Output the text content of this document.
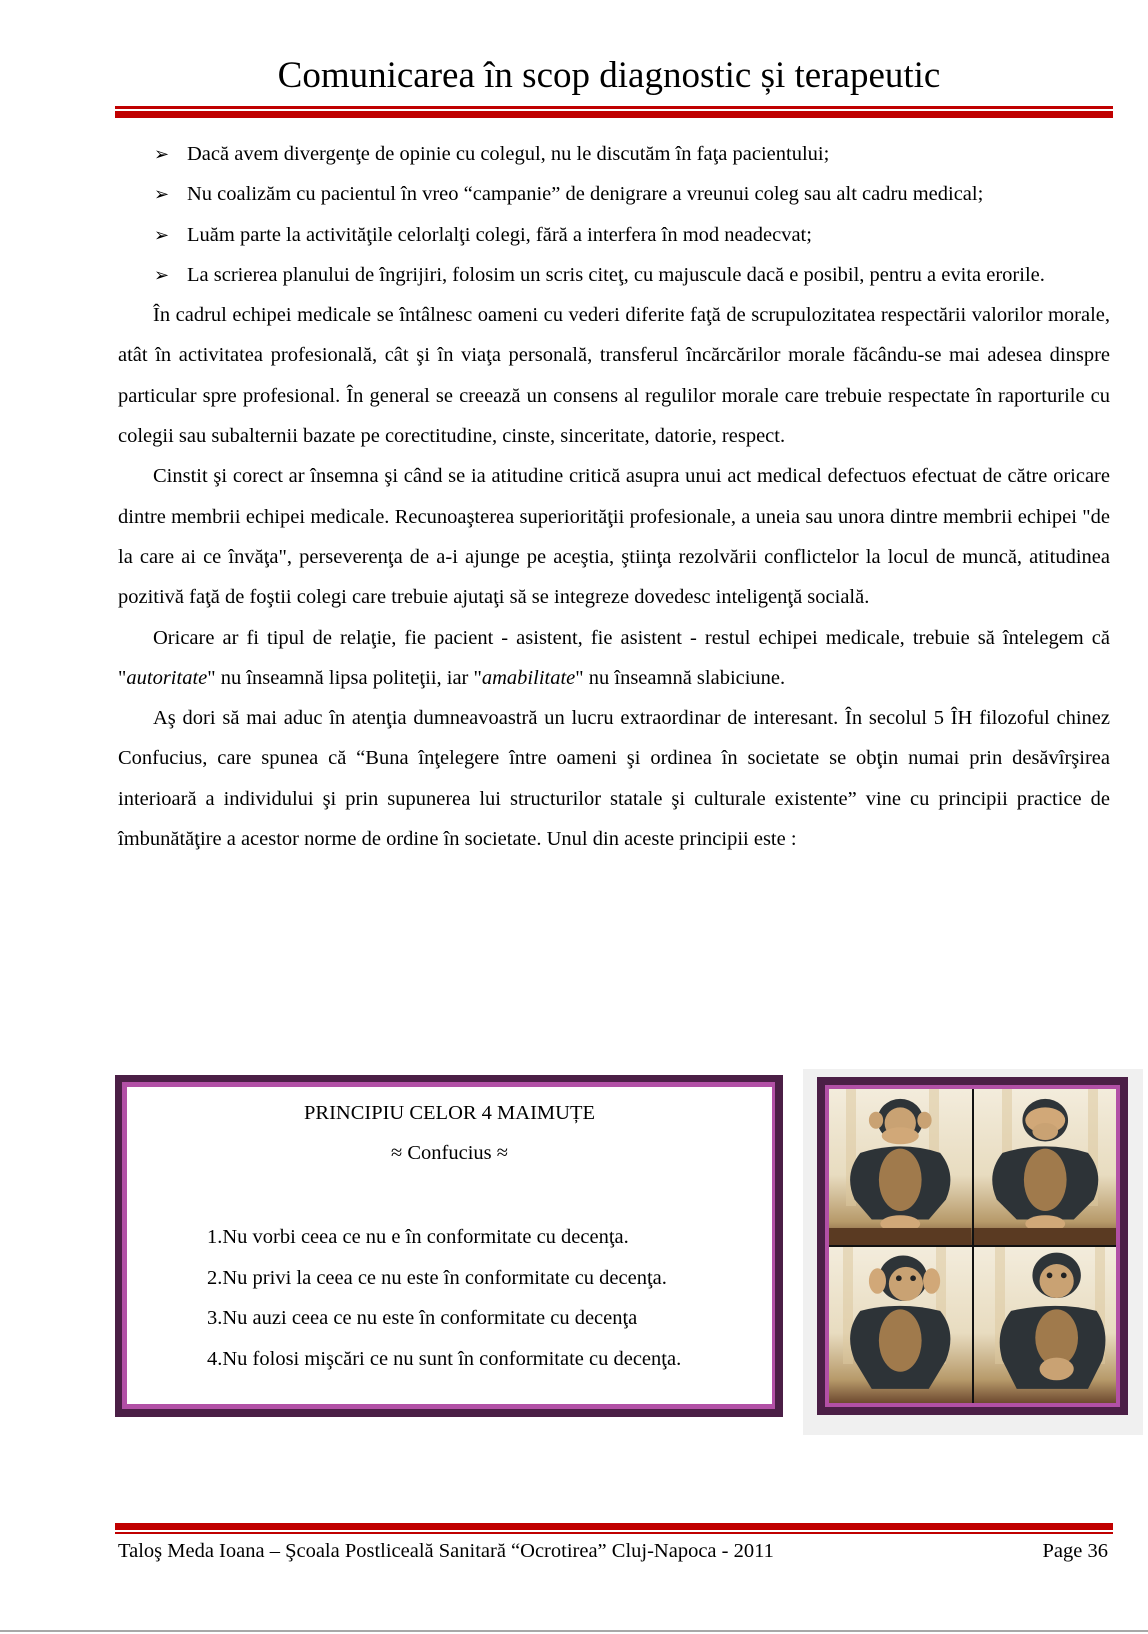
Comunicarea în scop diagnostic și terapeutic
➢ Dacă avem divergenţe de opinie cu colegul, nu le discutăm în faţa pacientului;
➢ Nu coalizăm cu pacientul în vreo “campanie” de denigrare a vreunui coleg sau alt cadru medical;
➢ Luăm parte la activităţile celorlalţi colegi, fără a interfera în mod neadecvat;
➢ La scrierea planului de îngrijiri, folosim un scris citeţ, cu majuscule dacă e posibil, pentru a evita erorile.

În cadrul echipei medicale se întâlnesc oameni cu vederi diferite faţă de scrupulozitatea respectării valorilor morale, atât în activitatea profesională, cât şi în viaţa personală, transferul încărcărilor morale făcându-se mai adesea dinspre particular spre profesional. În general se creează un consens al regulilor morale care trebuie respectate în raporturile cu colegii sau subalternii bazate pe corectitudine, cinste, sinceritate, datorie, respect.

Cinstit şi corect ar însemna şi când se ia atitudine critică asupra unui act medical defectuos efectuat de către oricare dintre membrii echipei medicale. Recunoaşterea superiorităţii profesionale, a uneia sau unora dintre membrii echipei "de la care ai ce învăţa", perseverenţa de a-i ajunge pe aceştia, ştiinţa rezolvării conflictelor la locul de muncă, atitudinea pozitivă faţă de foştii colegi care trebuie ajutaţi să se integreze dovedesc inteligenţă socială.

Oricare ar fi tipul de relaţie, fie pacient - asistent, fie asistent - restul echipei medicale, trebuie să întelegem că "autoritate" nu înseamnă lipsa politeţii, iar "amabilitate" nu înseamnă slabiciune.

Aş dori să mai aduc în atenţia dumneavoastră un lucru extraordinar de interesant. În secolul 5 ÎH filozoful chinez Confucius, care spunea că “Buna înţelegere între oameni şi ordinea în societate se obţin numai prin desăvîrşirea interioară a individului şi prin supunerea lui structurilor statale şi culturale existente” vine cu principii practice de îmbunătăţire a acestor norme de ordine în societate. Unul din aceste principii este :

PRINCIPIU CELOR 4 MAIMUȚE
≈ Confucius ≈
1.Nu vorbi ceea ce nu e în conformitate cu decenţa.
2.Nu privi la ceea ce nu este în conformitate cu decenţa.
3.Nu auzi ceea ce nu este în conformitate cu decenţa
4.Nu folosi mişcări ce nu sunt în conformitate cu decenţa.
Taloş Meda Ioana – Şcoala Postliceală Sanitară “Ocrotirea” Cluj-Napoca - 2011	Page 36
